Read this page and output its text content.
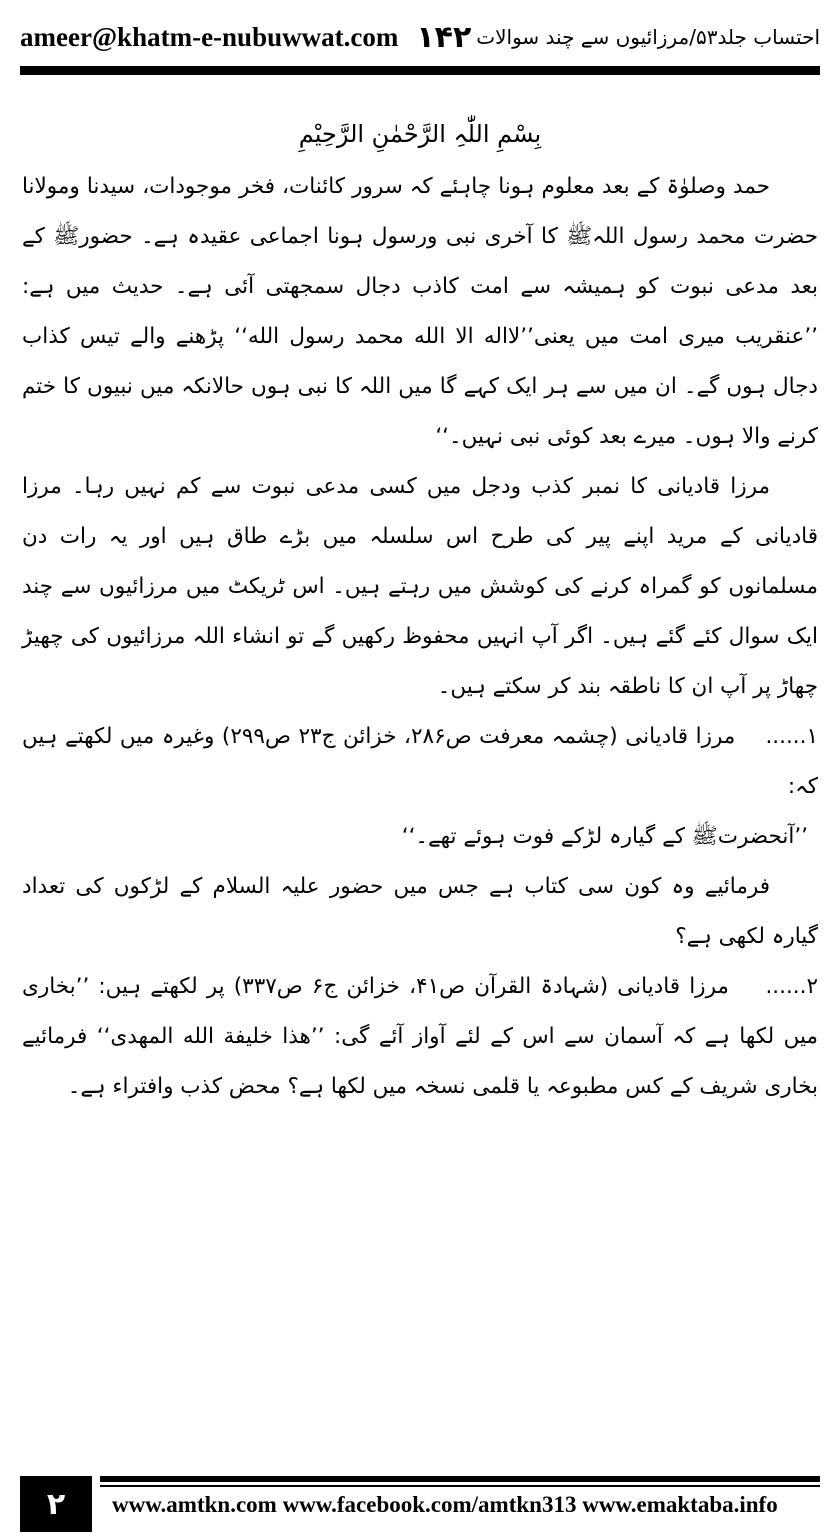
ameer@khatm-e-nubuwwat.com ۱۴۲ احتساب جلد۵۳/مرزائیوں سے چند سوالات

بِسْمِ اللّٰہِ الرَّحْمٰنِ الرَّحِیْمِ

حمد وصلوٰۃ کے بعد معلوم ہونا چاہئے کہ سرور کائنات، فخر موجودات، سیدنا ومولانا حضرت محمد رسول اللہﷺ کا آخری نبی ورسول ہونا اجماعی عقیدہ ہے۔ حضورﷺ کے بعد مدعی نبوت کو ہمیشہ سے امت کاذب دجال سمجھتی آئی ہے۔ حدیث میں ہے: ’’عنقریب میری امت میں یعنی’’لااله الا الله محمد رسول الله‘‘ پڑھنے والے تیس کذاب دجال ہوں گے۔ ان میں سے ہر ایک کہے گا میں اللہ کا نبی ہوں حالانکہ میں نبیوں کا ختم کرنے والا ہوں۔ میرے بعد کوئی نبی نہیں۔‘‘

مرزا قادیانی کا نمبر کذب ودجل میں کسی مدعی نبوت سے کم نہیں رہا۔ مرزا قادیانی کے مرید اپنے پیر کی طرح اس سلسلہ میں بڑے طاق ہیں اور یہ رات دن مسلمانوں کو گمراہ کرنے کی کوشش میں رہتے ہیں۔ اس ٹریکٹ میں مرزائیوں سے چند ایک سوال کئے گئے ہیں۔ اگر آپ انہیں محفوظ رکھیں گے تو انشاء اللہ مرزائیوں کی چھیڑ چھاڑ پر آپ ان کا ناطقہ بند کر سکتے ہیں۔

۱......    مرزا قادیانی (چشمہ معرفت ص۲۸۶، خزائن ج۲۳ ص۲۹۹) وغیرہ میں لکھتے ہیں کہ:

’’آنحضرتﷺ کے گیارہ لڑکے فوت ہوئے تھے۔‘‘

فرمائیے وہ کون سی کتاب ہے جس میں حضور علیہ السلام کے لڑکوں کی تعداد گیارہ لکھی ہے؟

۲......    مرزا قادیانی (شہادۃ القرآن ص۴۱، خزائن ج۶ ص۳۳۷) پر لکھتے ہیں: ’’بخاری میں لکھا ہے کہ آسمان سے اس کے لئے آواز آئے گی: ’’هذا خليفة الله المهدى‘‘ فرمائیے بخاری شریف کے کس مطبوعہ یا قلمی نسخہ میں لکھا ہے؟ محض کذب وافتراء ہے۔

۲	www.amtkn.com www.facebook.com/amtkn313 www.emaktaba.info
